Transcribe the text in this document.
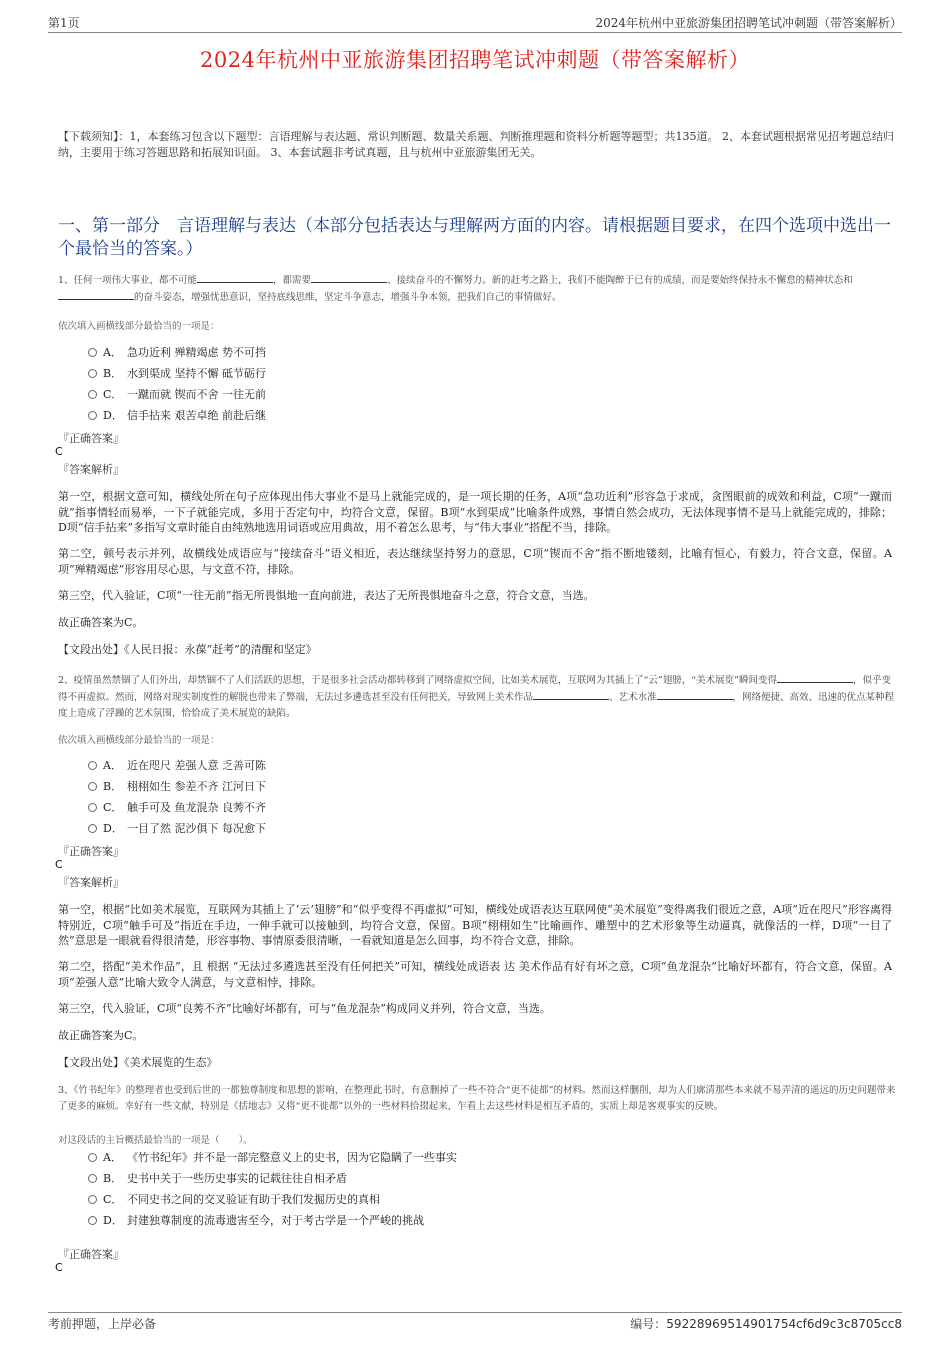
第1页	2024年杭州中亚旅游集团招聘笔试冲刺题（带答案解析）
2024年杭州中亚旅游集团招聘笔试冲刺题（带答案解析）
【下载须知】：1，本套练习包含以下题型：言语理解与表达题、常识判断题、数量关系题、判断推理题和资料分析题等题型；共135道。 2、本套试题根据常见招考题总结归纳，主要用于练习答题思路和拓展知识面。 3、本套试题非考试真题，且与杭州中亚旅游集团无关。
一、第一部分　言语理解与表达（本部分包括表达与理解两方面的内容。请根据题目要求，在四个选项中选出一个最恰当的答案。）
1、任何一项伟大事业，都不可能	，都需要	、接续奋斗的不懈努力。新的赶考之路上，我们不能陶醉于已有的成绩，而是要始终保持永不懈怠的精神状态和的奋斗姿态，增强忧患意识，坚持底线思维，坚定斗争意志，增强斗争本领，把我们自己的事情做好。
依次填入画横线部分最恰当的一项是：
A． 急功近利 殚精竭虑 势不可挡
B． 水到渠成 坚持不懈 砥节砺行
C． 一蹴而就 锲而不舍 一往无前
D． 信手拈来 艰苦卓绝 前赴后继
『正确答案』
C
『答案解析』
第一空，根据文意可知，横线处所在句子应体现出伟大事业不是马上就能完成的，是一项长期的任务，A项“急功近利”形容急于求成，贪图眼前的成效和利益，C项“一蹴而就”指事情轻而易举，一下子就能完成，多用于否定句中，均符合文意，保留。B项“水到渠成”比喻条件成熟，事情自然会成功，无法体现事情不是马上就能完成的，排除；D项“信手拈来”多指写文章时能自由纯熟地选用词语或应用典故，用不着怎么思考，与“伟大事业”搭配不当，排除。
第二空，顿号表示并列，故横线处成语应与“接续奋斗”语义相近，表达继续坚持努力的意思，C项“锲而不舍”指不断地镂刻，比喻有恒心，有毅力，符合文意，保留。A项“殚精竭虑”形容用尽心思，与文意不符，排除。
第三空，代入验证，C项“一往无前”指无所畏惧地一直向前进，表达了无所畏惧地奋斗之意，符合文意，当选。
故正确答案为C。
【文段出处】《人民日报：永葆“赶考”的清醒和坚定》
2、疫情虽然禁锢了人们外出，却禁锢不了人们活跃的思想，于是很多社会活动都转移到了网络虚拟空间，比如美术展览，互联网为其插上了“云”翅膀，“美术展览”瞬间变得	，似乎变得不再虚拟。然而，网络对现实制度性的解脱也带来了弊端，无法过多遴选甚至没有任何把关，导致网上美术作品	、艺术水准	，网络便捷、高效、迅速的优点某种程度上造成了浮躁的艺术氛围，恰恰成了美术展览的缺陷。
依次填入画横线部分最恰当的一项是：
A． 近在咫尺 差强人意 乏善可陈
B． 栩栩如生 参差不齐 江河日下
C． 触手可及 鱼龙混杂 良莠不齐
D． 一目了然 泥沙俱下 每况愈下
『正确答案』
C
『答案解析』
第一空，根据“比如美术展览，互联网为其插上了‘云’翅膀”和“似乎变得不再虚拟”可知，横线处成语表达互联网使“美术展览”变得离我们很近之意，A项“近在咫尺”形容离得特别近，C项“触手可及”指近在手边，一伸手就可以接触到，均符合文意，保留。B项“栩栩如生”比喻画作、雕塑中的艺术形象等生动逼真，就像活的一样，D项“一目了然”意思是一眼就看得很清楚，形容事物、事情原委很清晰，一看就知道是怎么回事，均不符合文意，排除。
第二空，搭配“美术作品”，且 根据 “无法过多遴选甚至没有任何把关”可知，横线处成语表 达 美术作品有好有坏之意，C项“鱼龙混杂”比喻好坏都有，符合文意，保留。A项“差强人意”比喻大致令人满意，与文意相悖，排除。
第三空，代入验证，C项“良莠不齐”比喻好坏都有，可与“鱼龙混杂”构成同义并列，符合文意，当选。
故正确答案为C。
【文段出处】《美术展览的生态》
3、《竹书纪年》的整理者也受到后世的一都独尊制度和思想的影响，在整理此书时，有意删掉了一些不符合“更不徒都”的材料。然而这样删削，却为人们廓清那些本来就不易弄清的遥远的历史问题带来了更多的麻烦。幸好有一些文献，特别是《括地志》又将“更不徙都”以外的一些材料拾掇起来，乍看上去这些材料是相互矛盾的，实质上却是客观事实的反映。
对这段话的主旨概括最恰当的一项是（　　）。
A． 《竹书纪年》并不是一部完整意义上的史书，因为它隐瞒了一些事实
B． 史书中关于一些历史事实的记载往往自相矛盾
C． 不同史书之间的交叉验证有助于我们发掘历史的真相
D． 封建独尊制度的流毒遗害至今，对于考古学是一个严峻的挑战
『正确答案』
C
考前押题，上岸必备	编号：59228969514901754cf6d9c3c8705cc8
